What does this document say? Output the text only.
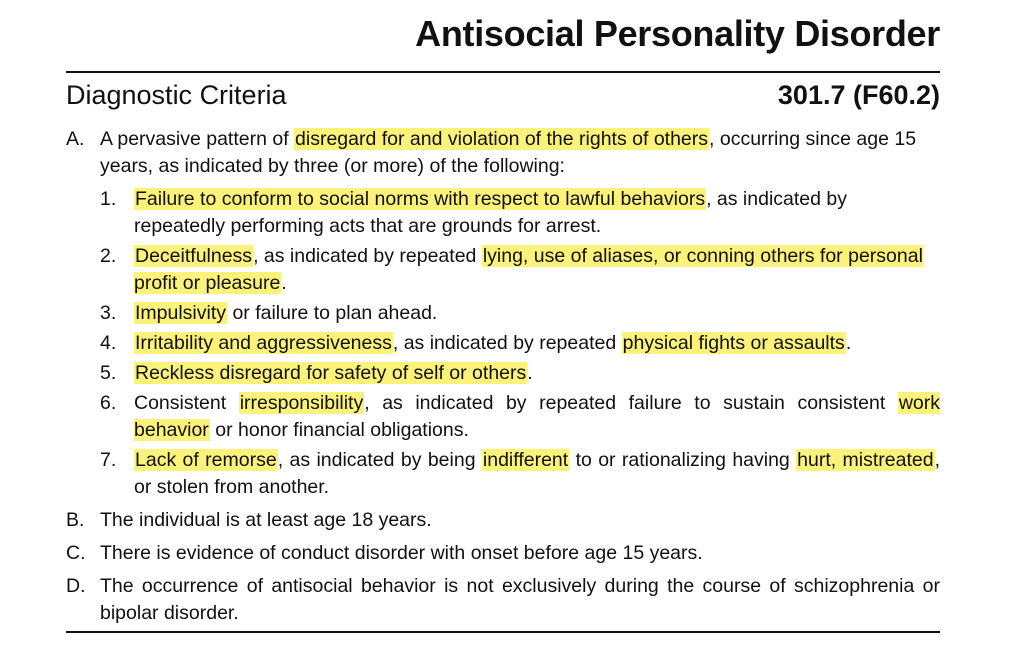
Antisocial Personality Disorder
Diagnostic Criteria	301.7 (F60.2)
A. A pervasive pattern of disregard for and violation of the rights of others, occurring since age 15 years, as indicated by three (or more) of the following:
1. Failure to conform to social norms with respect to lawful behaviors, as indicated by repeatedly performing acts that are grounds for arrest.
2. Deceitfulness, as indicated by repeated lying, use of aliases, or conning others for personal profit or pleasure.
3. Impulsivity or failure to plan ahead.
4. Irritability and aggressiveness, as indicated by repeated physical fights or assaults.
5. Reckless disregard for safety of self or others.
6. Consistent irresponsibility, as indicated by repeated failure to sustain consistent work behavior or honor financial obligations.
7. Lack of remorse, as indicated by being indifferent to or rationalizing having hurt, mistreated, or stolen from another.
B. The individual is at least age 18 years.
C. There is evidence of conduct disorder with onset before age 15 years.
D. The occurrence of antisocial behavior is not exclusively during the course of schizophrenia or bipolar disorder.
